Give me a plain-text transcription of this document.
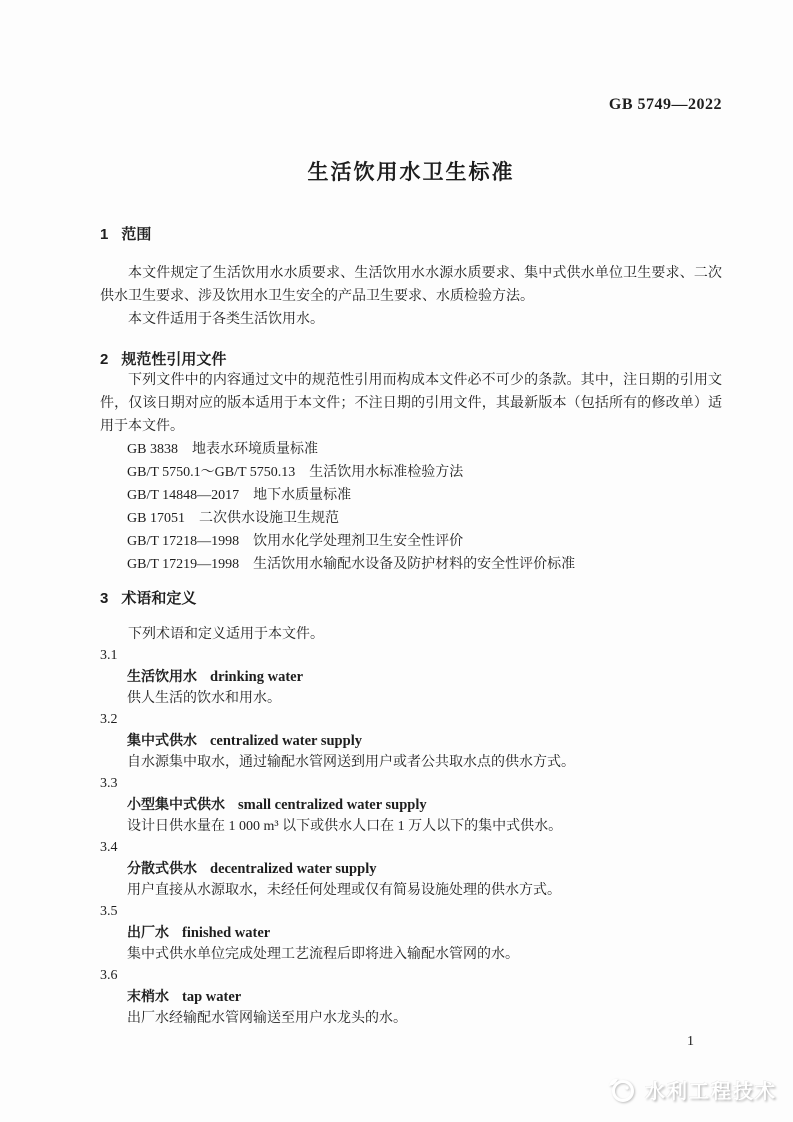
GB 5749—2022
生活饮用水卫生标准
1 范围

本文件规定了生活饮用水水质要求、生活饮用水水源水质要求、集中式供水单位卫生要求、二次供水卫生要求、涉及饮用水卫生安全的产品卫生要求、水质检验方法。

本文件适用于各类生活饮用水。

2 规范性引用文件

下列文件中的内容通过文中的规范性引用而构成本文件必不可少的条款。其中，注日期的引用文件，仅该日期对应的版本适用于本文件；不注日期的引用文件，其最新版本（包括所有的修改单）适用于本文件。

GB 3838 地表水环境质量标准
GB/T 5750.1～GB/T 5750.13 生活饮用水标准检验方法
GB/T 14848—2017 地下水质量标准
GB 17051 二次供水设施卫生规范
GB/T 17218—1998 饮用水化学处理剂卫生安全性评价
GB/T 17219—1998 生活饮用水输配水设备及防护材料的安全性评价标准
3 术语和定义
下列术语和定义适用于本文件。
3.1
生活饮用水 drinking water
供人生活的饮水和用水。
3.2
集中式供水 centralized water supply
自水源集中取水，通过输配水管网送到用户或者公共取水点的供水方式。
3.3
小型集中式供水 small centralized water supply
设计日供水量在 1 000 m³ 以下或供水人口在 1 万人以下的集中式供水。
3.4
分散式供水 decentralized water supply
用户直接从水源取水，未经任何处理或仅有简易设施处理的供水方式。
3.5
出厂水 finished water
集中式供水单位完成处理工艺流程后即将进入输配水管网的水。
3.6
末梢水 tap water
出厂水经输配水管网输送至用户水龙头的水。
1
水利工程技术
